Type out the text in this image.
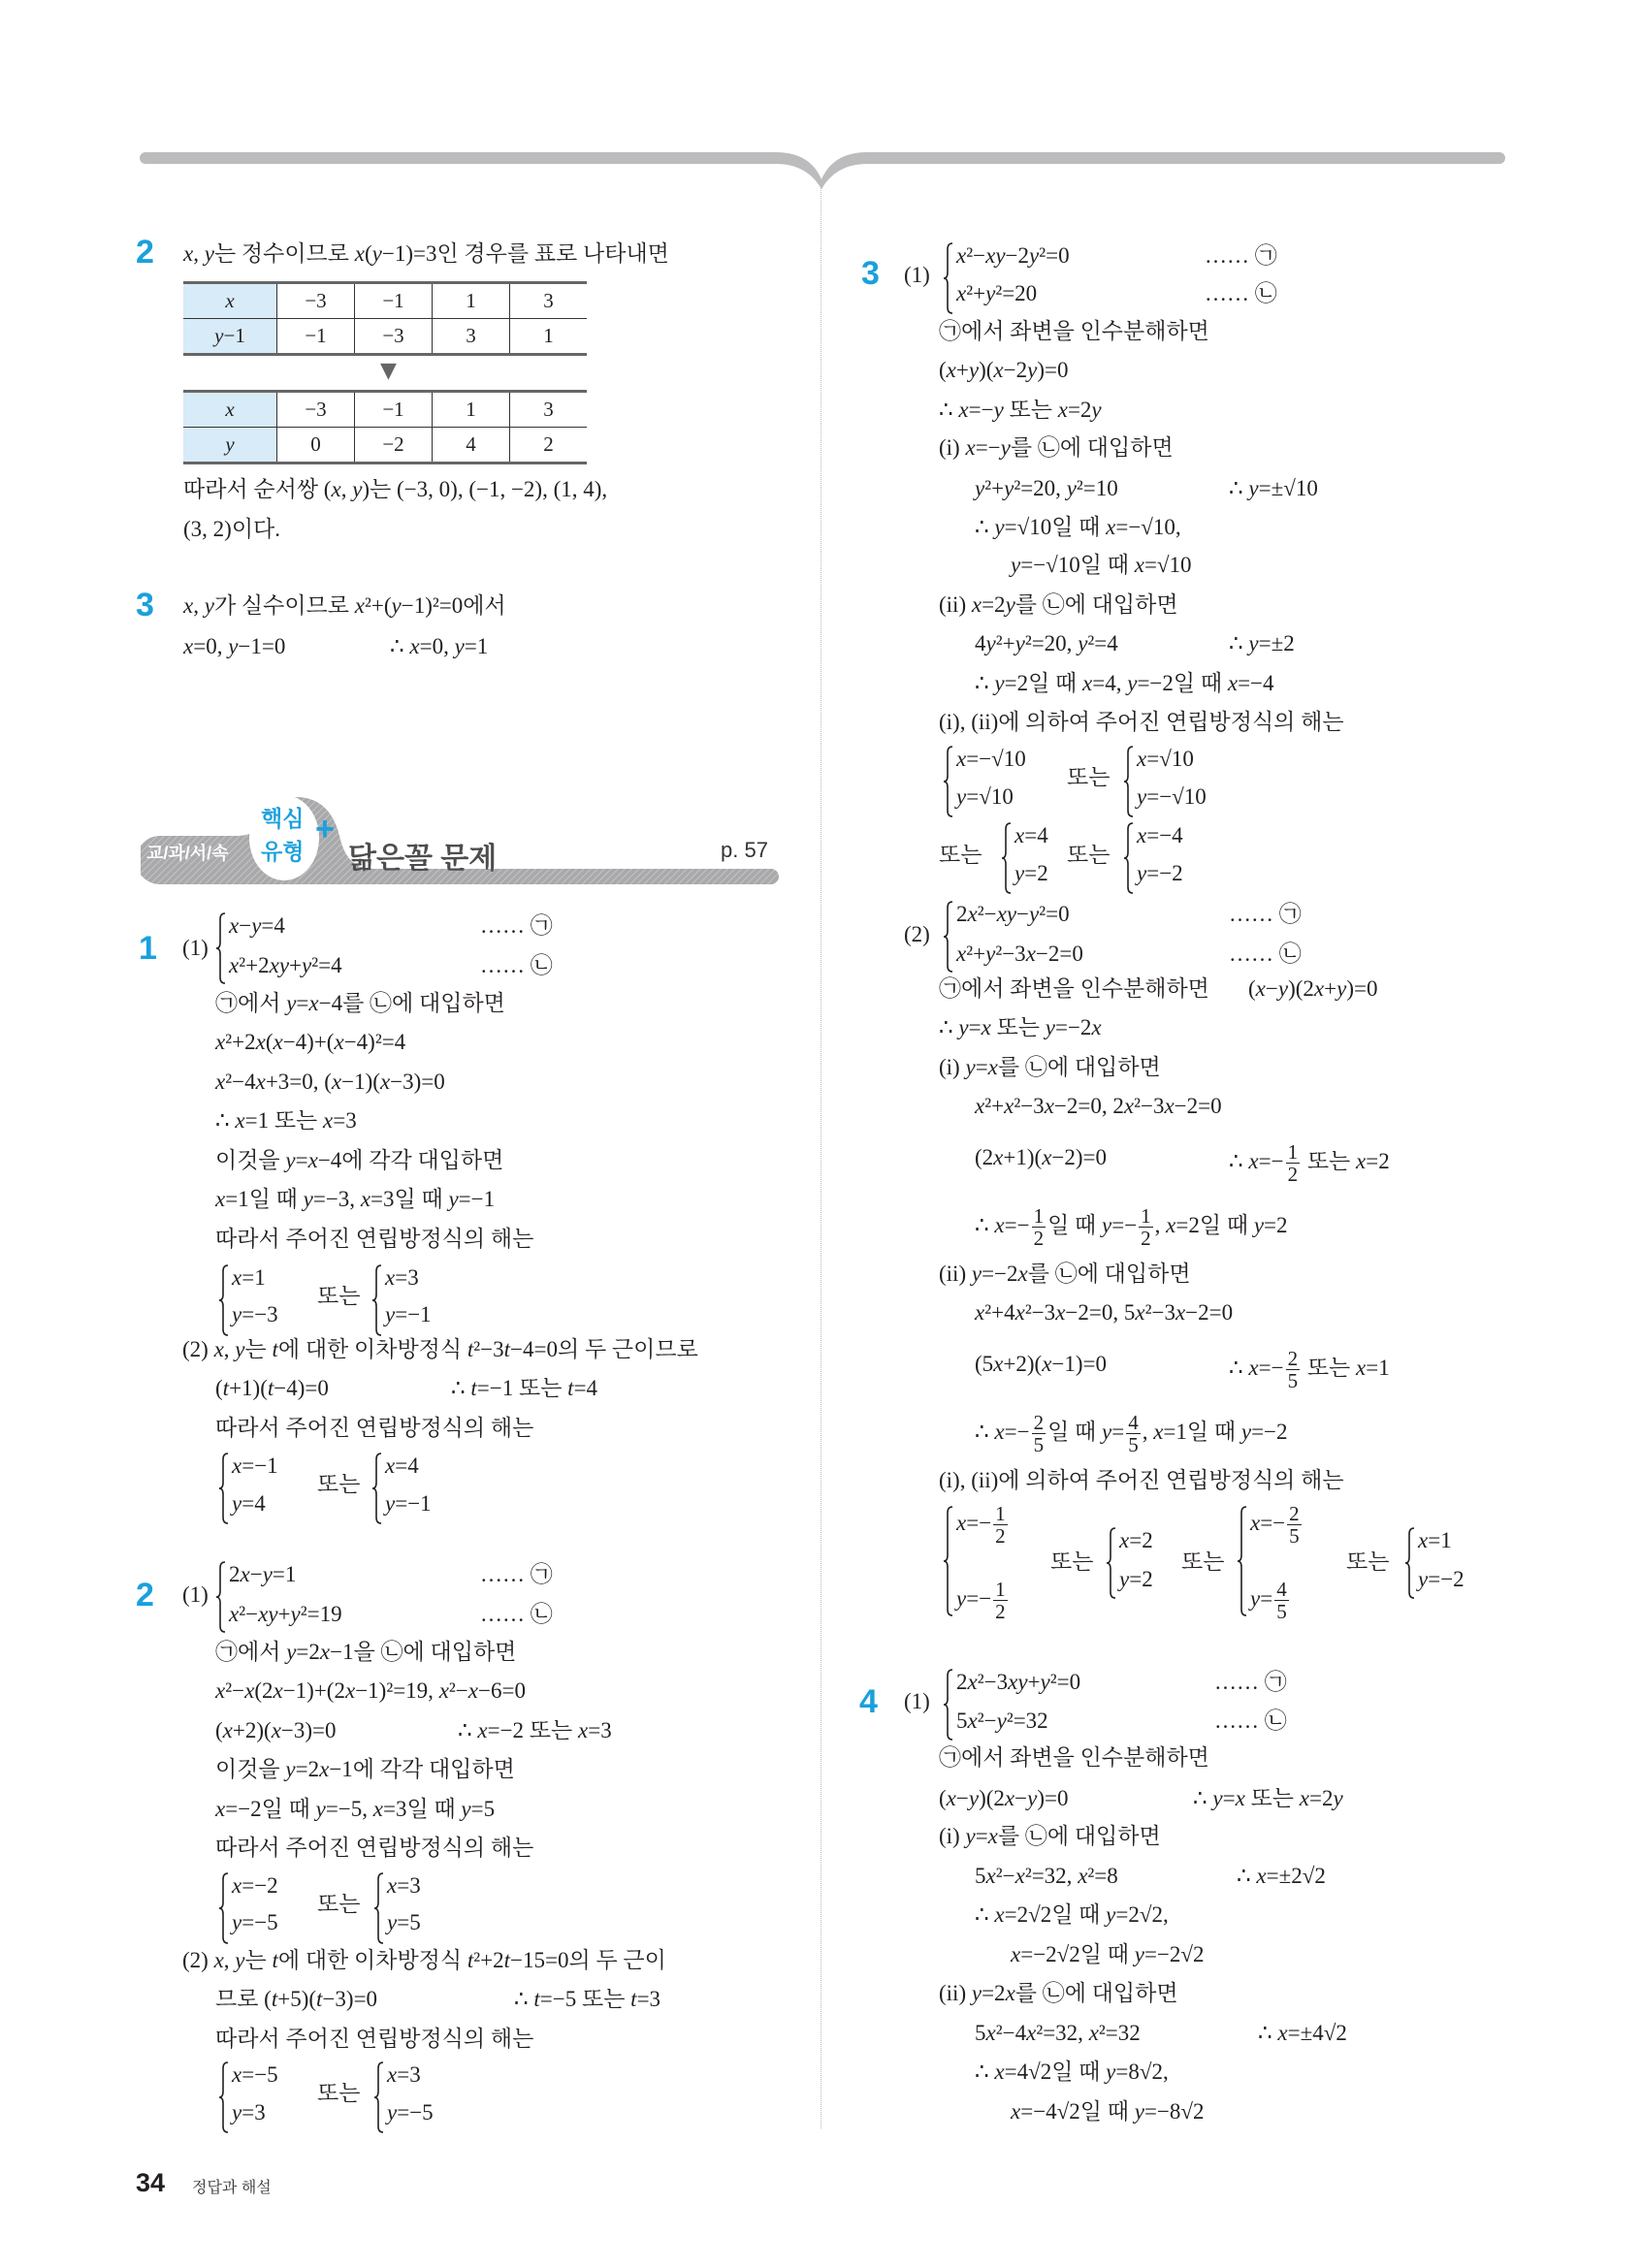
2 x, y는 정수이므로 x(y−1)=3인 경우를 표로 나타내면
x	−3	−1	1	3
y−1	−1	−3	3	1
▼
x	−3	−1	1	3
y	0	−2	4	2
따라서 순서쌍 (x, y)는 (−3, 0), (−1, −2), (1, 4),
(3, 2)이다.
3 x, y가 실수이므로 x²+(y−1)²=0에서
x=0, y−1=0	∴ x=0, y=1
교/과/서/속
핵심
유형
+
닮은꼴 문제	p. 57
1 (1)
x−y=4
x²+2xy+y²=4
…… ㉠
…… ㉡
㉠에서 y=x−4를 ㉡에 대입하면
x²+2x(x−4)+(x−4)²=4
x²−4x+3=0, (x−1)(x−3)=0
∴ x=1 또는 x=3
이것을 y=x−4에 각각 대입하면
x=1일 때 y=−3, x=3일 때 y=−1
따라서 주어진 연립방정식의 해는
x=1
y=−3
또는
x=3
y=−1
(2) x, y는 t에 대한 이차방정식 t²−3t−4=0의 두 근이므로
(t+1)(t−4)=0	∴ t=−1 또는 t=4
따라서 주어진 연립방정식의 해는
x=−1
y=4
또는
x=4
y=−1
2 (1)
2x−y=1
x²−xy+y²=19
…… ㉠
…… ㉡
㉠에서 y=2x−1을 ㉡에 대입하면
x²−x(2x−1)+(2x−1)²=19, x²−x−6=0
(x+2)(x−3)=0	∴ x=−2 또는 x=3
이것을 y=2x−1에 각각 대입하면
x=−2일 때 y=−5, x=3일 때 y=5
따라서 주어진 연립방정식의 해는
x=−2
y=−5
또는
x=3
y=5
(2) x, y는 t에 대한 이차방정식 t²+2t−15=0의 두 근이
므로 (t+5)(t−3)=0	∴ t=−5 또는 t=3
따라서 주어진 연립방정식의 해는
x=−5
y=3
또는
x=3
y=−5
3 (1)
x²−xy−2y²=0
x²+y²=20
…… ㉠
…… ㉡
㉠에서 좌변을 인수분해하면
(x+y)(x−2y)=0
∴ x=−y 또는 x=2y
(i) x=−y를 ㉡에 대입하면
y²+y²=20, y²=10	∴ y=±√10
∴ y=√10일 때 x=−√10,
y=−√10일 때 x=√10
(ii) x=2y를 ㉡에 대입하면
4y²+y²=20, y²=4	∴ y=±2
∴ y=2일 때 x=4, y=−2일 때 x=−4
(i), (ii)에 의하여 주어진 연립방정식의 해는
x=−√10
y=√10
또는
x=√10
y=−√10
또는
x=4
y=2
또는
x=−4
y=−2
(2)
2x²−xy−y²=0
x²+y²−3x−2=0
…… ㉠
…… ㉡
㉠에서 좌변을 인수분해하면 (x−y)(2x+y)=0
∴ y=x 또는 y=−2x
(i) y=x를 ㉡에 대입하면
x²+x²−3x−2=0, 2x²−3x−2=0
(2x+1)(x−2)=0	∴ $x=- \frac{1}{2}$ 또는 x=2
∴ $x=- \frac{1}{2}$ 일 때 $y=- \frac{1}{2}$ , x=2일 때 y=2
(ii) y=−2x를 ㉡에 대입하면
x²+4x²−3x−2=0, 5x²−3x−2=0
(5x+2)(x−1)=0	∴ $x=- \frac{2}{5}$ 또는 x=1
∴ $x=- \frac{2}{5}$ 일 때 $y= \frac{4}{5}$ , x=1일 때 y=−2
(i), (ii)에 의하여 주어진 연립방정식의 해는
$x=- \frac{1}{2}$
$y=- \frac{1}{2}$
또는
x=2
y=2
또는
$x=- \frac{2}{5}$
$y= \frac{4}{5}$
또는
x=1
y=−2
4 (1)
2x²−3xy+y²=0
5x²−y²=32
…… ㉠
…… ㉡
㉠에서 좌변을 인수분해하면
(x−y)(2x−y)=0	∴ y=x 또는 x=2y
(i) y=x를 ㉡에 대입하면
5x²−x²=32, x²=8	∴ x=±2√2
∴ x=2√2일 때 y=2√2,
x=−2√2일 때 y=−2√2
(ii) y=2x를 ㉡에 대입하면
5x²−4x²=32, x²=32	∴ x=±4√2
∴ x=4√2일 때 y=8√2,
x=−4√2일 때 y=−8√2
34 정답과 해설
